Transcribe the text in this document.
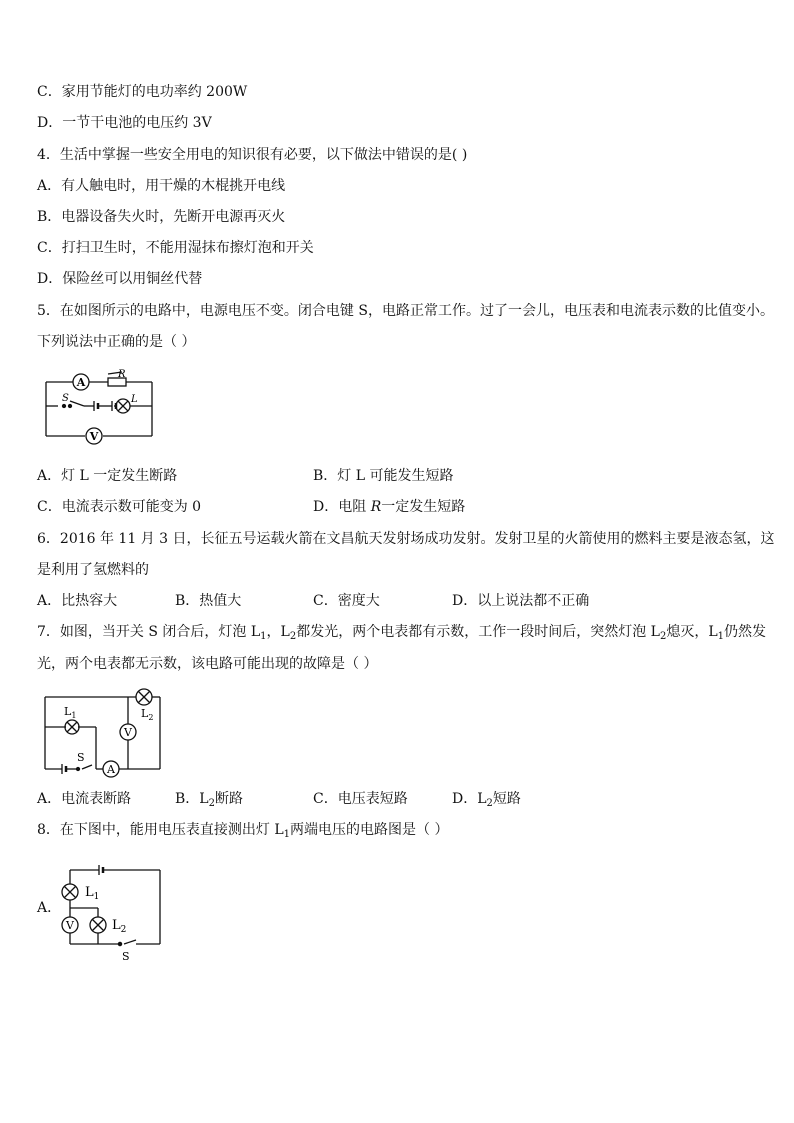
C．家用节能灯的电功率约 200W
D．一节干电池的电压约 3V
4．生活中掌握一些安全用电的知识很有必要，以下做法中错误的是( )
A．有人触电时，用干燥的木棍挑开电线
B．电器设备失火时，先断开电源再灭火
C．打扫卫生时，不能用湿抹布擦灯泡和开关
D．保险丝可以用铜丝代替
5．在如图所示的电路中，电源电压不变。闭合电键 S，电路正常工作。过了一会儿，电压表和电流表示数的比值变小。
下列说法中正确的是（ ）
A
R
S	L
V
A．灯 L 一定发生断路	B．灯 L 可能发生短路
C．电流表示数可能变为 0	D．电阻 R一定发生短路
6．2016 年 11 月 3 日，长征五号运载火箭在文昌航天发射场成功发射。发射卫星的火箭使用的燃料主要是液态氢，这
是利用了氢燃料的
A．比热容大	B．热值大	C．密度大	D．以上说法都不正确
7．如图，当开关 S 闭合后，灯泡 $L_1$，$L_2$都发光，两个电表都有示数，工作一段时间后，突然灯泡 $L_2$熄灭，$L_1$仍然发
光，两个电表都无示数，该电路可能出现的故障是（ ）
$L_1$	$L_2$
V
A
S
A．电流表断路	B．$L_2$断路	C．电压表短路	D．$L_2$短路
8．在下图中，能用电压表直接测出灯 $L_1$两端电压的电路图是（ ）
A．
$L_1$
$L_2$
V
S
